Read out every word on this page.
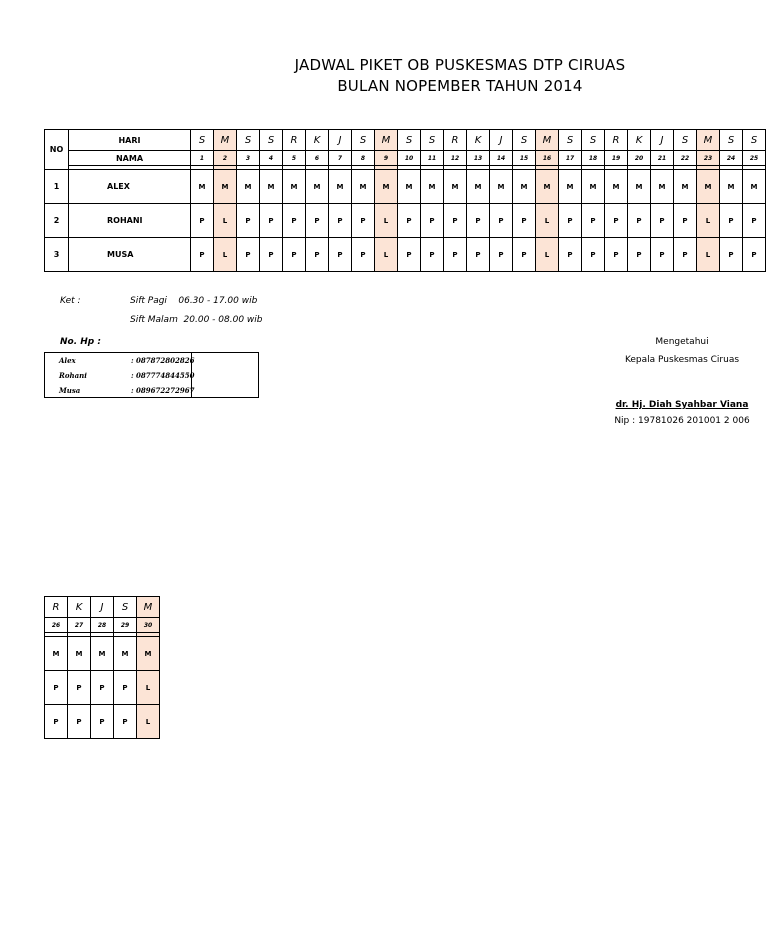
JADWAL PIKET OB PUSKESMAS DTP CIRUAS
BULAN NOPEMBER TAHUN 2014
NO	HARI	S	M	S	S	R	K	J	S	M	S	S	R	K	J	S	M	S	S	R	K	J	S	M	S	S
	NAMA	1	2	3	4	5	6	7	8	9	10	11	12	13	14	15	16	17	18	19	20	21	22	23	24	25

1	ALEX	M	M	M	M	M	M	M	M	M	M	M	M	M	M	M	M	M	M	M	M	M	M	M	M	M
2	ROHANI	P	L	P	P	P	P	P	P	L	P	P	P	P	P	P	L	P	P	P	P	P	P	L	P	P
3	MUSA	P	L	P	P	P	P	P	P	L	P	P	P	P	P	P	L	P	P	P	P	P	P	L	P	P
R	K	J	S	M
26	27	28	29	30

M	M	M	M	M
P	P	P	P	L
P	P	P	P	L
Ket :	Sift Pagi    06.30 - 17.00 wib
Sift Malam  20.00 - 08.00 wib
No. Hp :
Alex	: 087872802826
Rohani	: 087774844550
Musa	: 089672272967
Mengetahui
Kepala Puskesmas Ciruas
dr. Hj. Diah Syahbar Viana
Nip : 19781026 201001 2 006
